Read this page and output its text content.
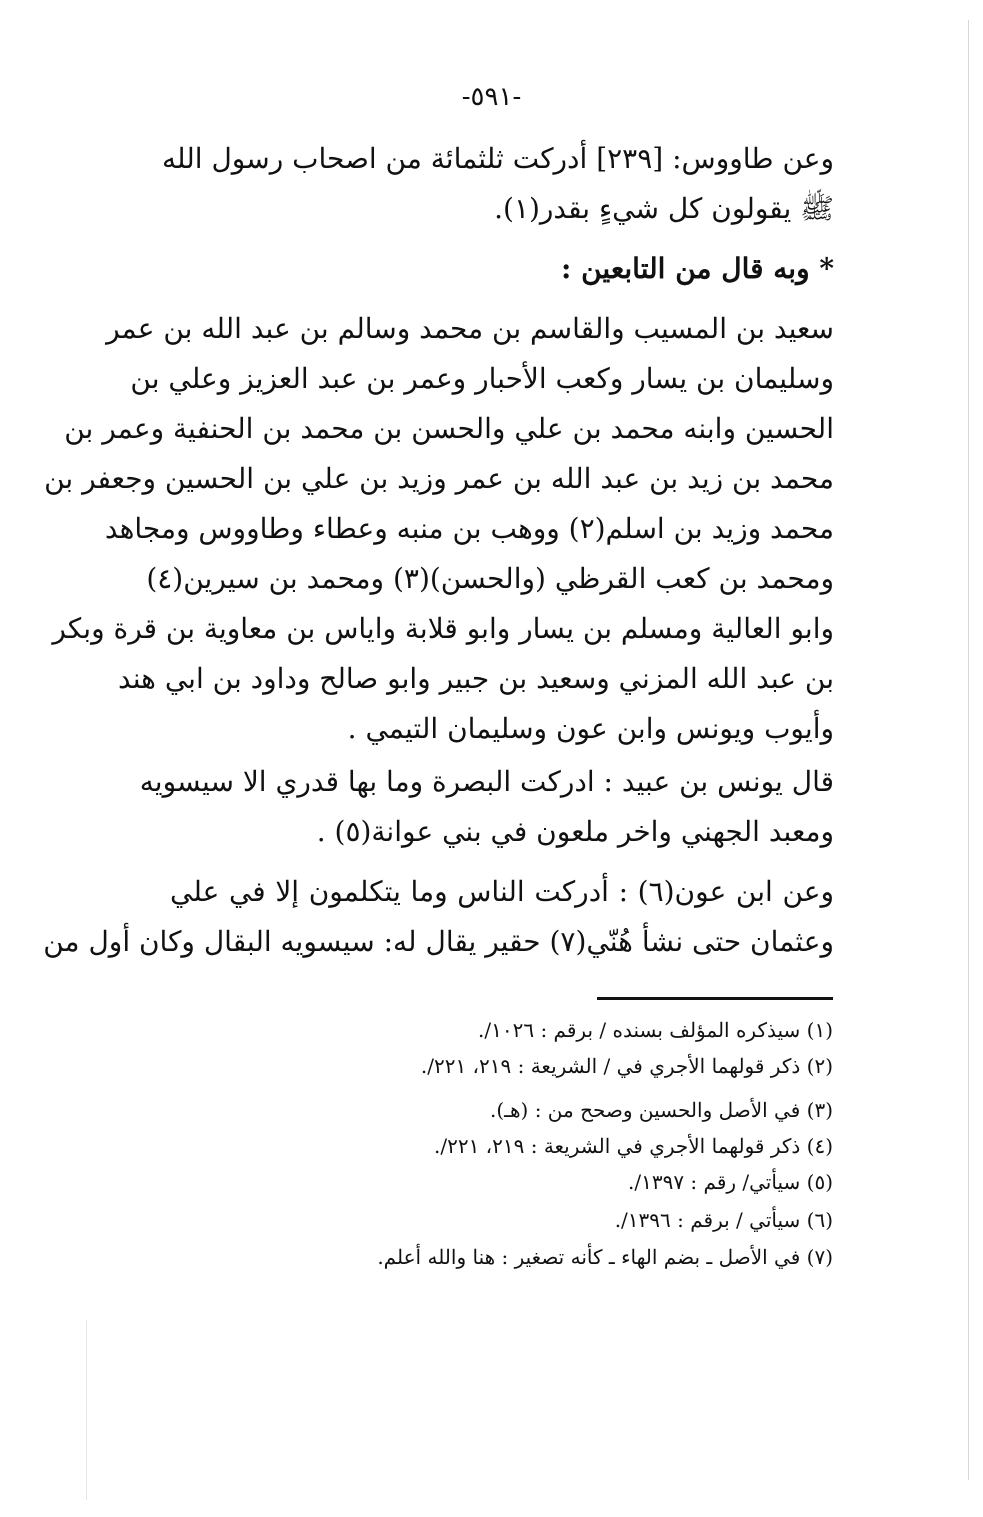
-٥٩١-
وعن طاووس: [٢٣٩] أدركت ثلثمائة من اصحاب رسول الله
ﷺ يقولون كل شيءٍ بقدر(١).
* وبه قال من التابعين :
سعيد بن المسيب والقاسم بن محمد وسالم بن عبد الله بن عمر
وسليمان بن يسار وكعب الأحبار وعمر بن عبد العزيز وعلي بن
الحسين وابنه محمد بن علي والحسن بن محمد بن الحنفية وعمر بن
محمد بن زيد بن عبد الله بن عمر وزيد بن علي بن الحسين وجعفر بن
محمد وزيد بن اسلم(٢) ووهب بن منبه وعطاء وطاووس ومجاهد
ومحمد بن كعب القرظي (والحسن)(٣) ومحمد بن سيرين(٤)
وابو العالية ومسلم بن يسار وابو قلابة واياس بن معاوية بن قرة وبكر
بن عبد الله المزني وسعيد بن جبير وابو صالح وداود بن ابي هند
وأيوب ويونس وابن عون وسليمان التيمي .
قال يونس بن عبيد : ادركت البصرة وما بها قدري الا سيسويه
ومعبد الجهني واخر ملعون في بني عوانة(٥) .
وعن ابن عون(٦) : أدركت الناس وما يتكلمون إلا في علي
وعثمان حتى نشأ هُنّي(٧) حقير يقال له: سيسويه البقال وكان أول من
(١) سيذكره المؤلف بسنده / برقم : ١٠٢٦/.
(٢) ذكر قولهما الأجري في / الشريعة : ٢١٩، ٢٢١/.
(٣) في الأصل والحسين وصحح من : (هـ).
(٤) ذكر قولهما الأجري في الشريعة : ٢١٩، ٢٢١/.
(٥) سيأتي/ رقم : ١٣٩٧/.
(٦) سيأتي / برقم : ١٣٩٦/.
(٧) في الأصل ـ بضم الهاء ـ كأنه تصغير : هنا والله أعلم.
